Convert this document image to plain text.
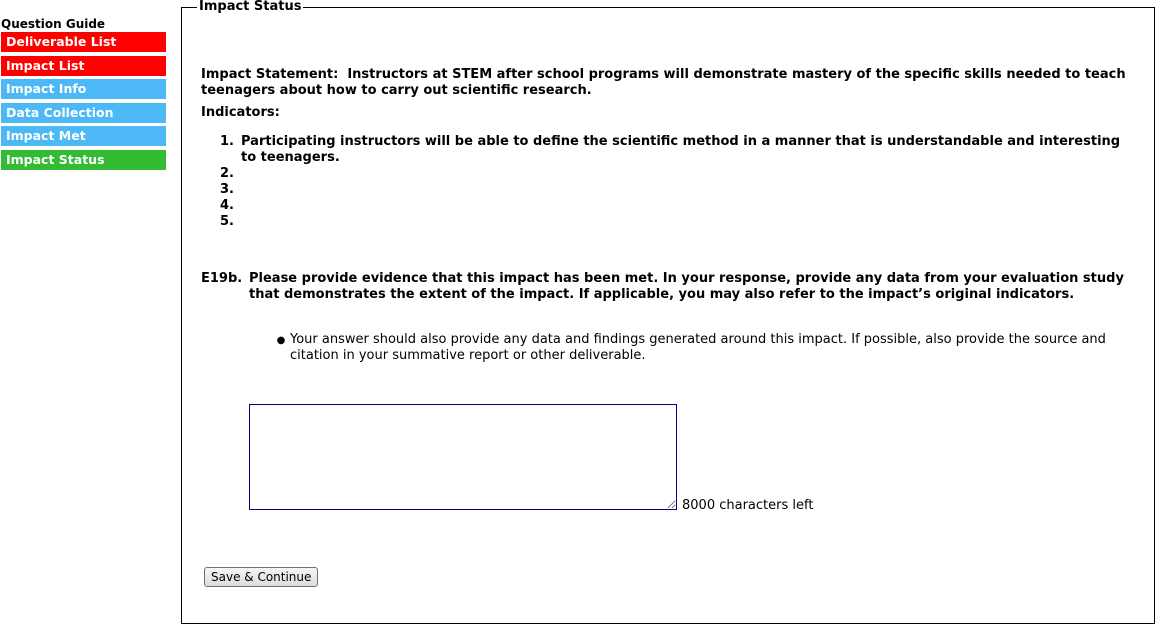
Question Guide
Deliverable List
Impact List
Impact Info
Data Collection
Impact Met
Impact Status
Impact Status
Impact Statement: Instructors at STEM after school programs will demonstrate mastery of the specific skills needed to teach teenagers about how to carry out scientific research.
Indicators:
1. Participating instructors will be able to define the scientific method in a manner that is understandable and interesting to teenagers.
2.
3.
4.
5.
E19b. Please provide evidence that this impact has been met. In your response, provide any data from your evaluation study that demonstrates the extent of the impact. If applicable, you may also refer to the impact’s original indicators.
● Your answer should also provide any data and findings generated around this impact. If possible, also provide the source and citation in your summative report or other deliverable.
8000 characters left
Save & Continue
